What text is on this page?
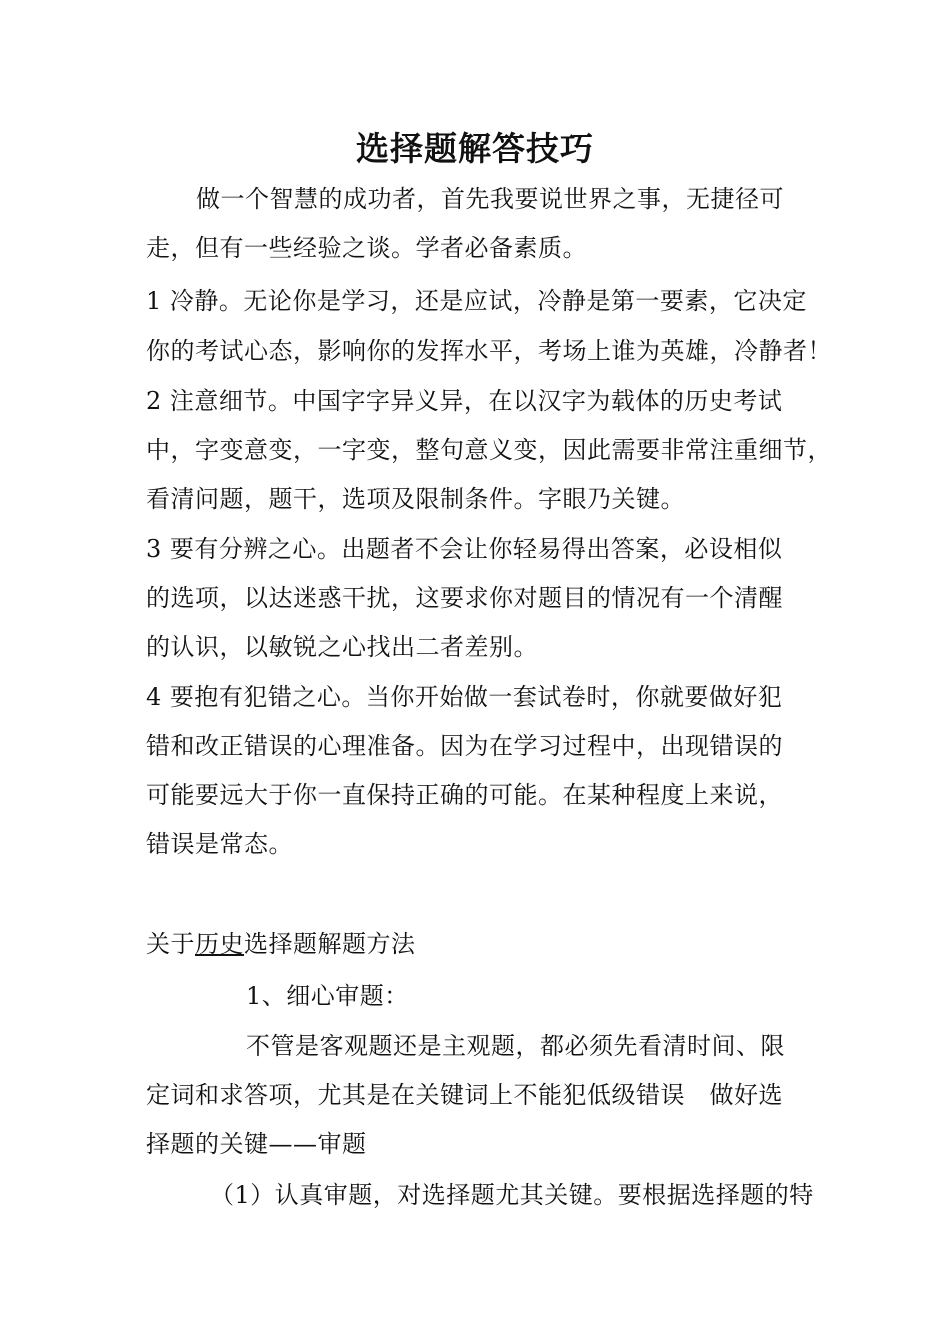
选择题解答技巧
做一个智慧的成功者，首先我要说世界之事，无捷径可
走，但有一些经验之谈。学者必备素质。
1 冷静。无论你是学习，还是应试，冷静是第一要素，它决定
你的考试心态，影响你的发挥水平，考场上谁为英雄，冷静者！
2 注意细节。中国字字异义异，在以汉字为载体的历史考试
中，字变意变，一字变，整句意义变，因此需要非常注重细节，
看清问题，题干，选项及限制条件。字眼乃关键。
3 要有分辨之心。出题者不会让你轻易得出答案，必设相似
的选项，以达迷惑干扰，这要求你对题目的情况有一个清醒
的认识，以敏锐之心找出二者差别。
4 要抱有犯错之心。当你开始做一套试卷时，你就要做好犯
错和改正错误的心理准备。因为在学习过程中，出现错误的
可能要远大于你一直保持正确的可能。在某种程度上来说，
错误是常态。
关于历史选择题解题方法
1、细心审题：
不管是客观题还是主观题，都必须先看清时间、限
定词和求答项，尤其是在关键词上不能犯低级错误　做好选
择题的关键——审题
（1）认真审题，对选择题尤其关键。要根据选择题的特
